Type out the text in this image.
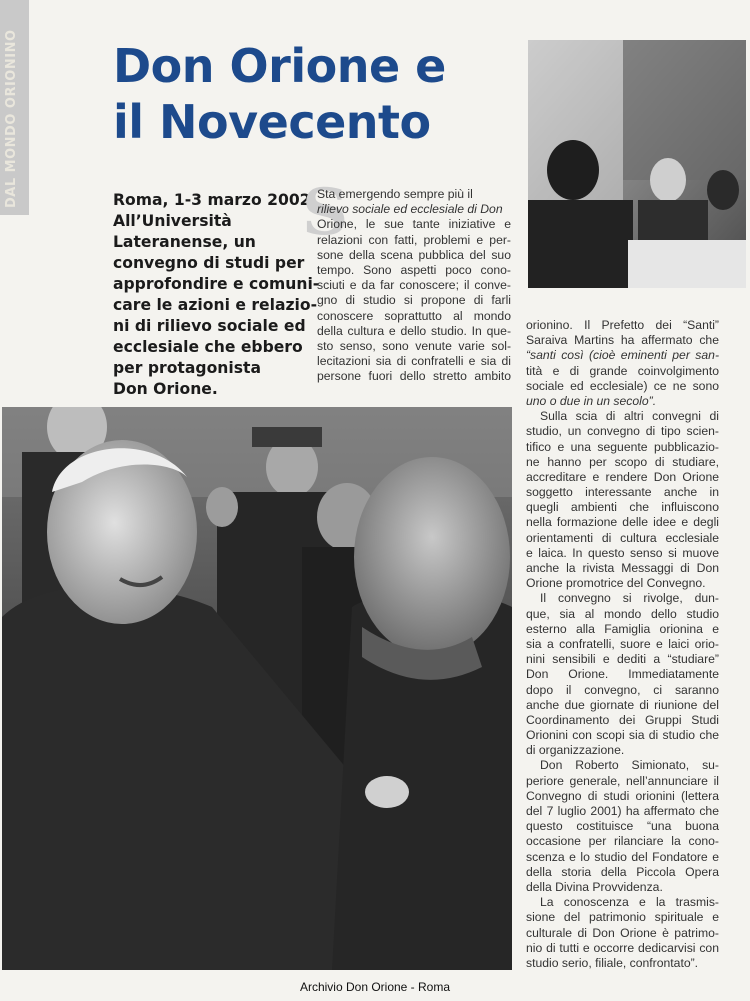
DAL MONDO ORIONINO Don Orione e
il Novecento
Roma, 1-3 marzo 2002.
All’Università
Lateranense, un
convegno di studi per
approfondire e comuni-
care le azioni e relazio-
ni di rilievo sociale ed
ecclesiale che ebbero
per protagonista
Don Orione.
S
Sta emergendo sempre più il
rilievo sociale ed ecclesiale di Don
Orione, le sue tante iniziative e
relazioni con fatti, problemi e per-
sone della scena pubblica del suo
tempo. Sono aspetti poco cono-
sciuti e da far conoscere; il conve-
gno di studio si propone di farli
conoscere soprattutto al mondo
della cultura e dello studio. In que-
sto senso, sono venute varie sol-
lecitazioni sia di confratelli e sia di
persone fuori dello stretto ambito
orionino. Il Prefetto dei “Santi”
Saraiva Martins ha affermato che
“santi così (cioè eminenti per san-
tità e di grande coinvolgimento
sociale ed ecclesiale) ce ne sono
uno o due in un secolo”.
Sulla scia di altri convegni di
studio, un convegno di tipo scien-
tifico e una seguente pubblicazio-
ne hanno per scopo di studiare,
accreditare e rendere Don Orione
soggetto interessante anche in
quegli ambienti che influiscono
nella formazione delle idee e degli
orientamenti di cultura ecclesiale
e laica. In questo senso si muove
anche la rivista Messaggi di Don
Orione promotrice del Convegno.
Il convegno si rivolge, dun-
que, sia al mondo dello studio
esterno alla Famiglia orionina e
sia a confratelli, suore e laici orio-
nini sensibili e dediti a “studiare”
Don Orione. Immediatamente
dopo il convegno, ci saranno
anche due giornate di riunione del
Coordinamento dei Gruppi Studi
Orionini con scopi sia di studio che
di organizzazione.
Don Roberto Simionato, su-
periore generale, nell’annunciare il
Convegno di studi orionini (lettera
del 7 luglio 2001) ha affermato che
questo costituisce “una buona
occasione per rilanciare la cono-
scenza e lo studio del Fondatore e
della storia della Piccola Opera
della Divina Provvidenza.
La conoscenza e la trasmis-
sione del patrimonio spirituale e
culturale di Don Orione è patrimo-
nio di tutti e occorre dedicarvisi con
studio serio, filiale, confrontato”.
Archivio Don Orione - Roma
